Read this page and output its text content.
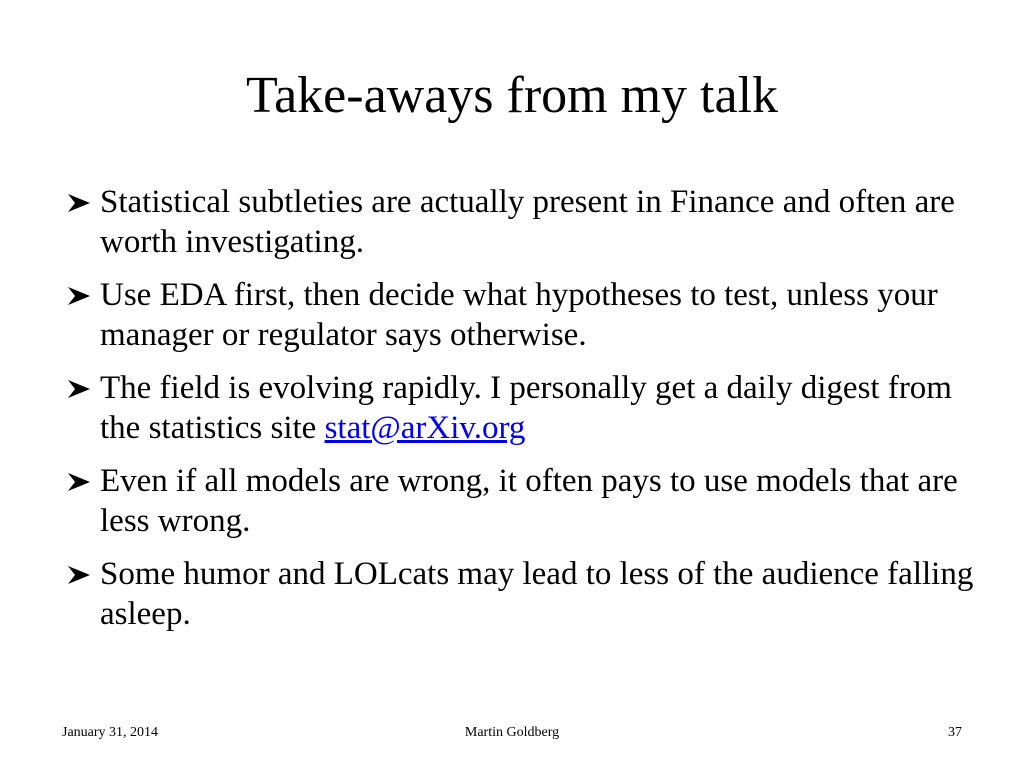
Take-aways from my talk
Statistical subtleties are actually present in Finance and often are worth investigating.
Use EDA first, then decide what hypotheses to test, unless your manager or regulator says otherwise.
The field is evolving rapidly. I personally get a daily digest from the statistics site stat@arXiv.org
Even if all models are wrong, it often pays to use models that are less wrong.
Some humor and LOLcats may lead to less of the audience falling asleep.
January 31, 2014	Martin Goldberg	37
